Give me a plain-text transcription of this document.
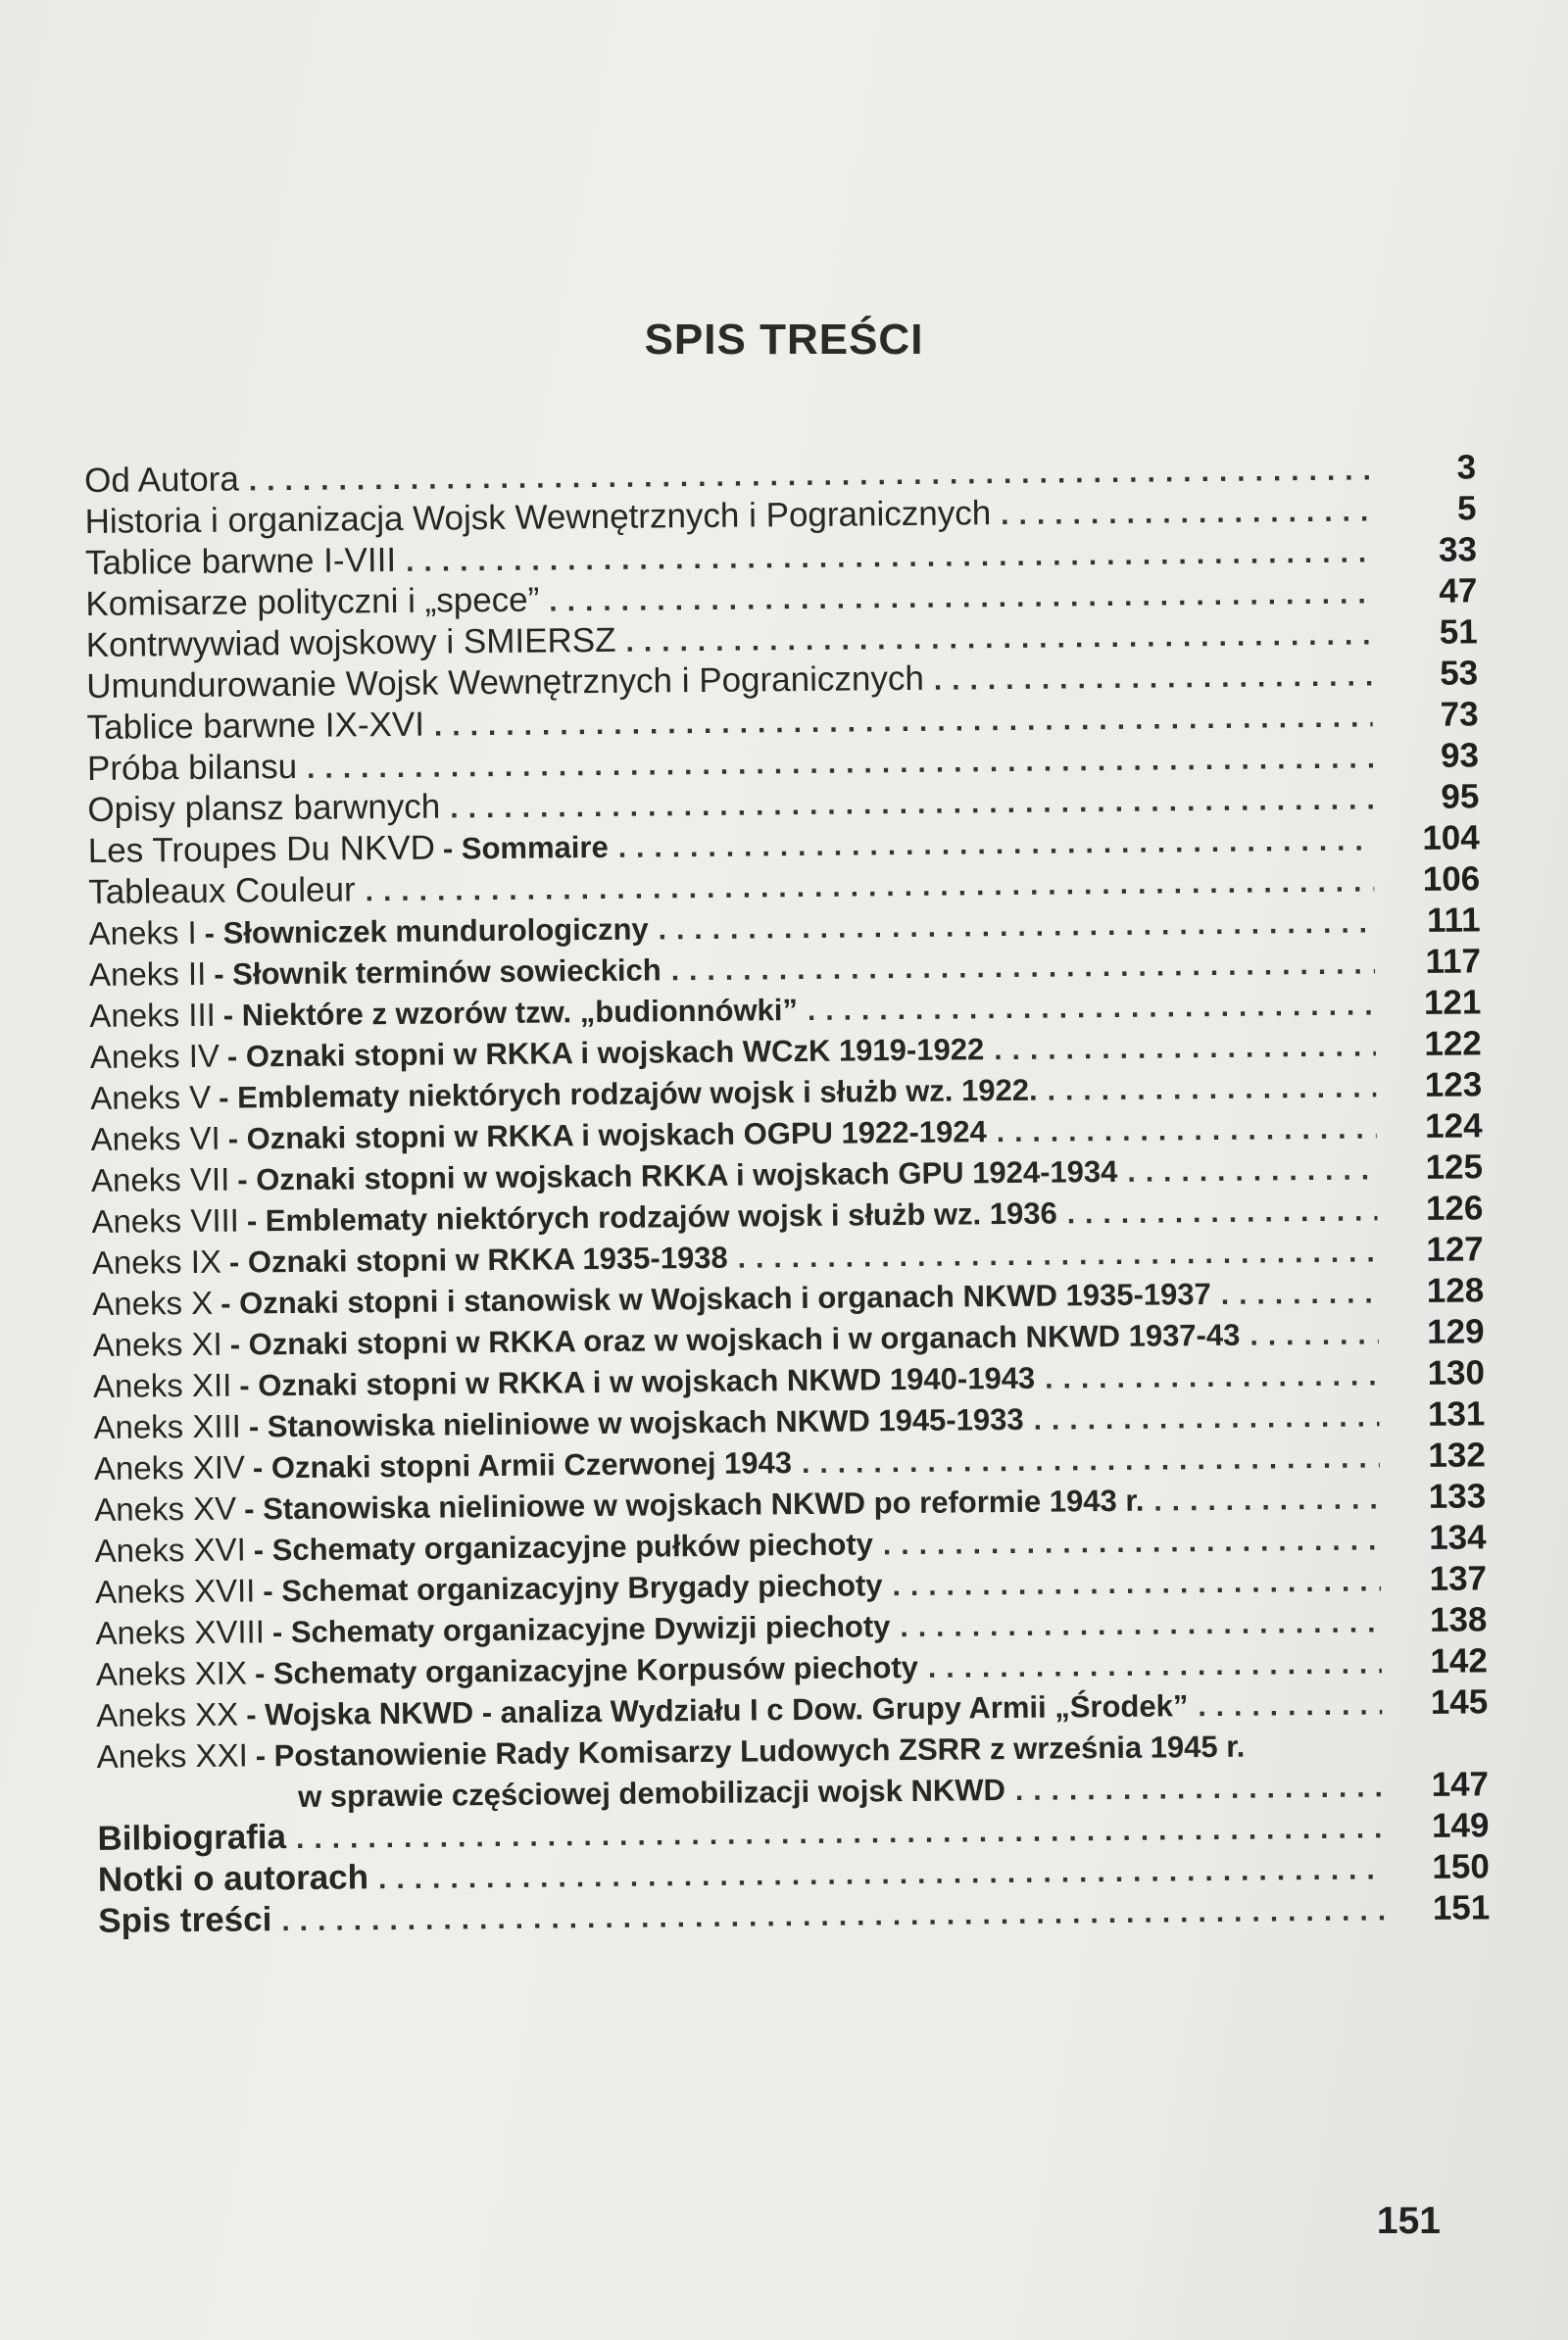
SPIS TREŚCI
Od Autora .....	3
Historia i organizacja Wojsk Wewnętrznych i Pogranicznych .....	5
Tablice barwne I-VIII .....	33
Komisarze polityczni i „spece” .....	47
Kontrwywiad wojskowy i SMIERSZ .....	51
Umundurowanie Wojsk Wewnętrznych i Pogranicznych .....	53
Tablice barwne IX-XVI .....	73
Próba bilansu .....	93
Opisy plansz barwnych .....	95
Les Troupes Du NKVD - Sommaire .....	104
Tableaux Couleur .....	106
Aneks I - Słowniczek mundurologiczny .....	111
Aneks II - Słownik terminów sowieckich .....	117
Aneks III - Niektóre z wzorów tzw. „budionnówki” .....	121
Aneks IV - Oznaki stopni w RKKA i wojskach WCzK 1919-1922 .....	122
Aneks V - Emblematy niektórych rodzajów wojsk i służb wz. 1922. .....	123
Aneks VI - Oznaki stopni w RKKA i wojskach OGPU 1922-1924 .....	124
Aneks VII - Oznaki stopni w wojskach RKKA i wojskach GPU 1924-1934 .....	125
Aneks VIII - Emblematy niektórych rodzajów wojsk i służb wz. 1936 .....	126
Aneks IX - Oznaki stopni w RKKA 1935-1938 .....	127
Aneks X - Oznaki stopni i stanowisk w Wojskach i organach NKWD 1935-1937 .....	128
Aneks XI - Oznaki stopni w RKKA oraz w wojskach i w organach NKWD 1937-43 .....	129
Aneks XII - Oznaki stopni w RKKA i w wojskach NKWD 1940-1943 .....	130
Aneks XIII - Stanowiska nieliniowe w wojskach NKWD 1945-1933 .....	131
Aneks XIV - Oznaki stopni Armii Czerwonej 1943 .....	132
Aneks XV - Stanowiska nieliniowe w wojskach NKWD po reformie 1943 r. .....	133
Aneks XVI - Schematy organizacyjne pułków piechoty .....	134
Aneks XVII - Schemat organizacyjny Brygady piechoty .....	137
Aneks XVIII - Schematy organizacyjne Dywizji piechoty .....	138
Aneks XIX - Schematy organizacyjne Korpusów piechoty .....	142
Aneks XX - Wojska NKWD - analiza Wydziału I c Dow. Grupy Armii „Środek” .....	145
Aneks XXI - Postanowienie Rady Komisarzy Ludowych ZSRR z września 1945 r.
w sprawie częściowej demobilizacji wojsk NKWD .....	147
Bilbiografia .....	149
Notki o autorach .....	150
Spis treści .....	151
151
